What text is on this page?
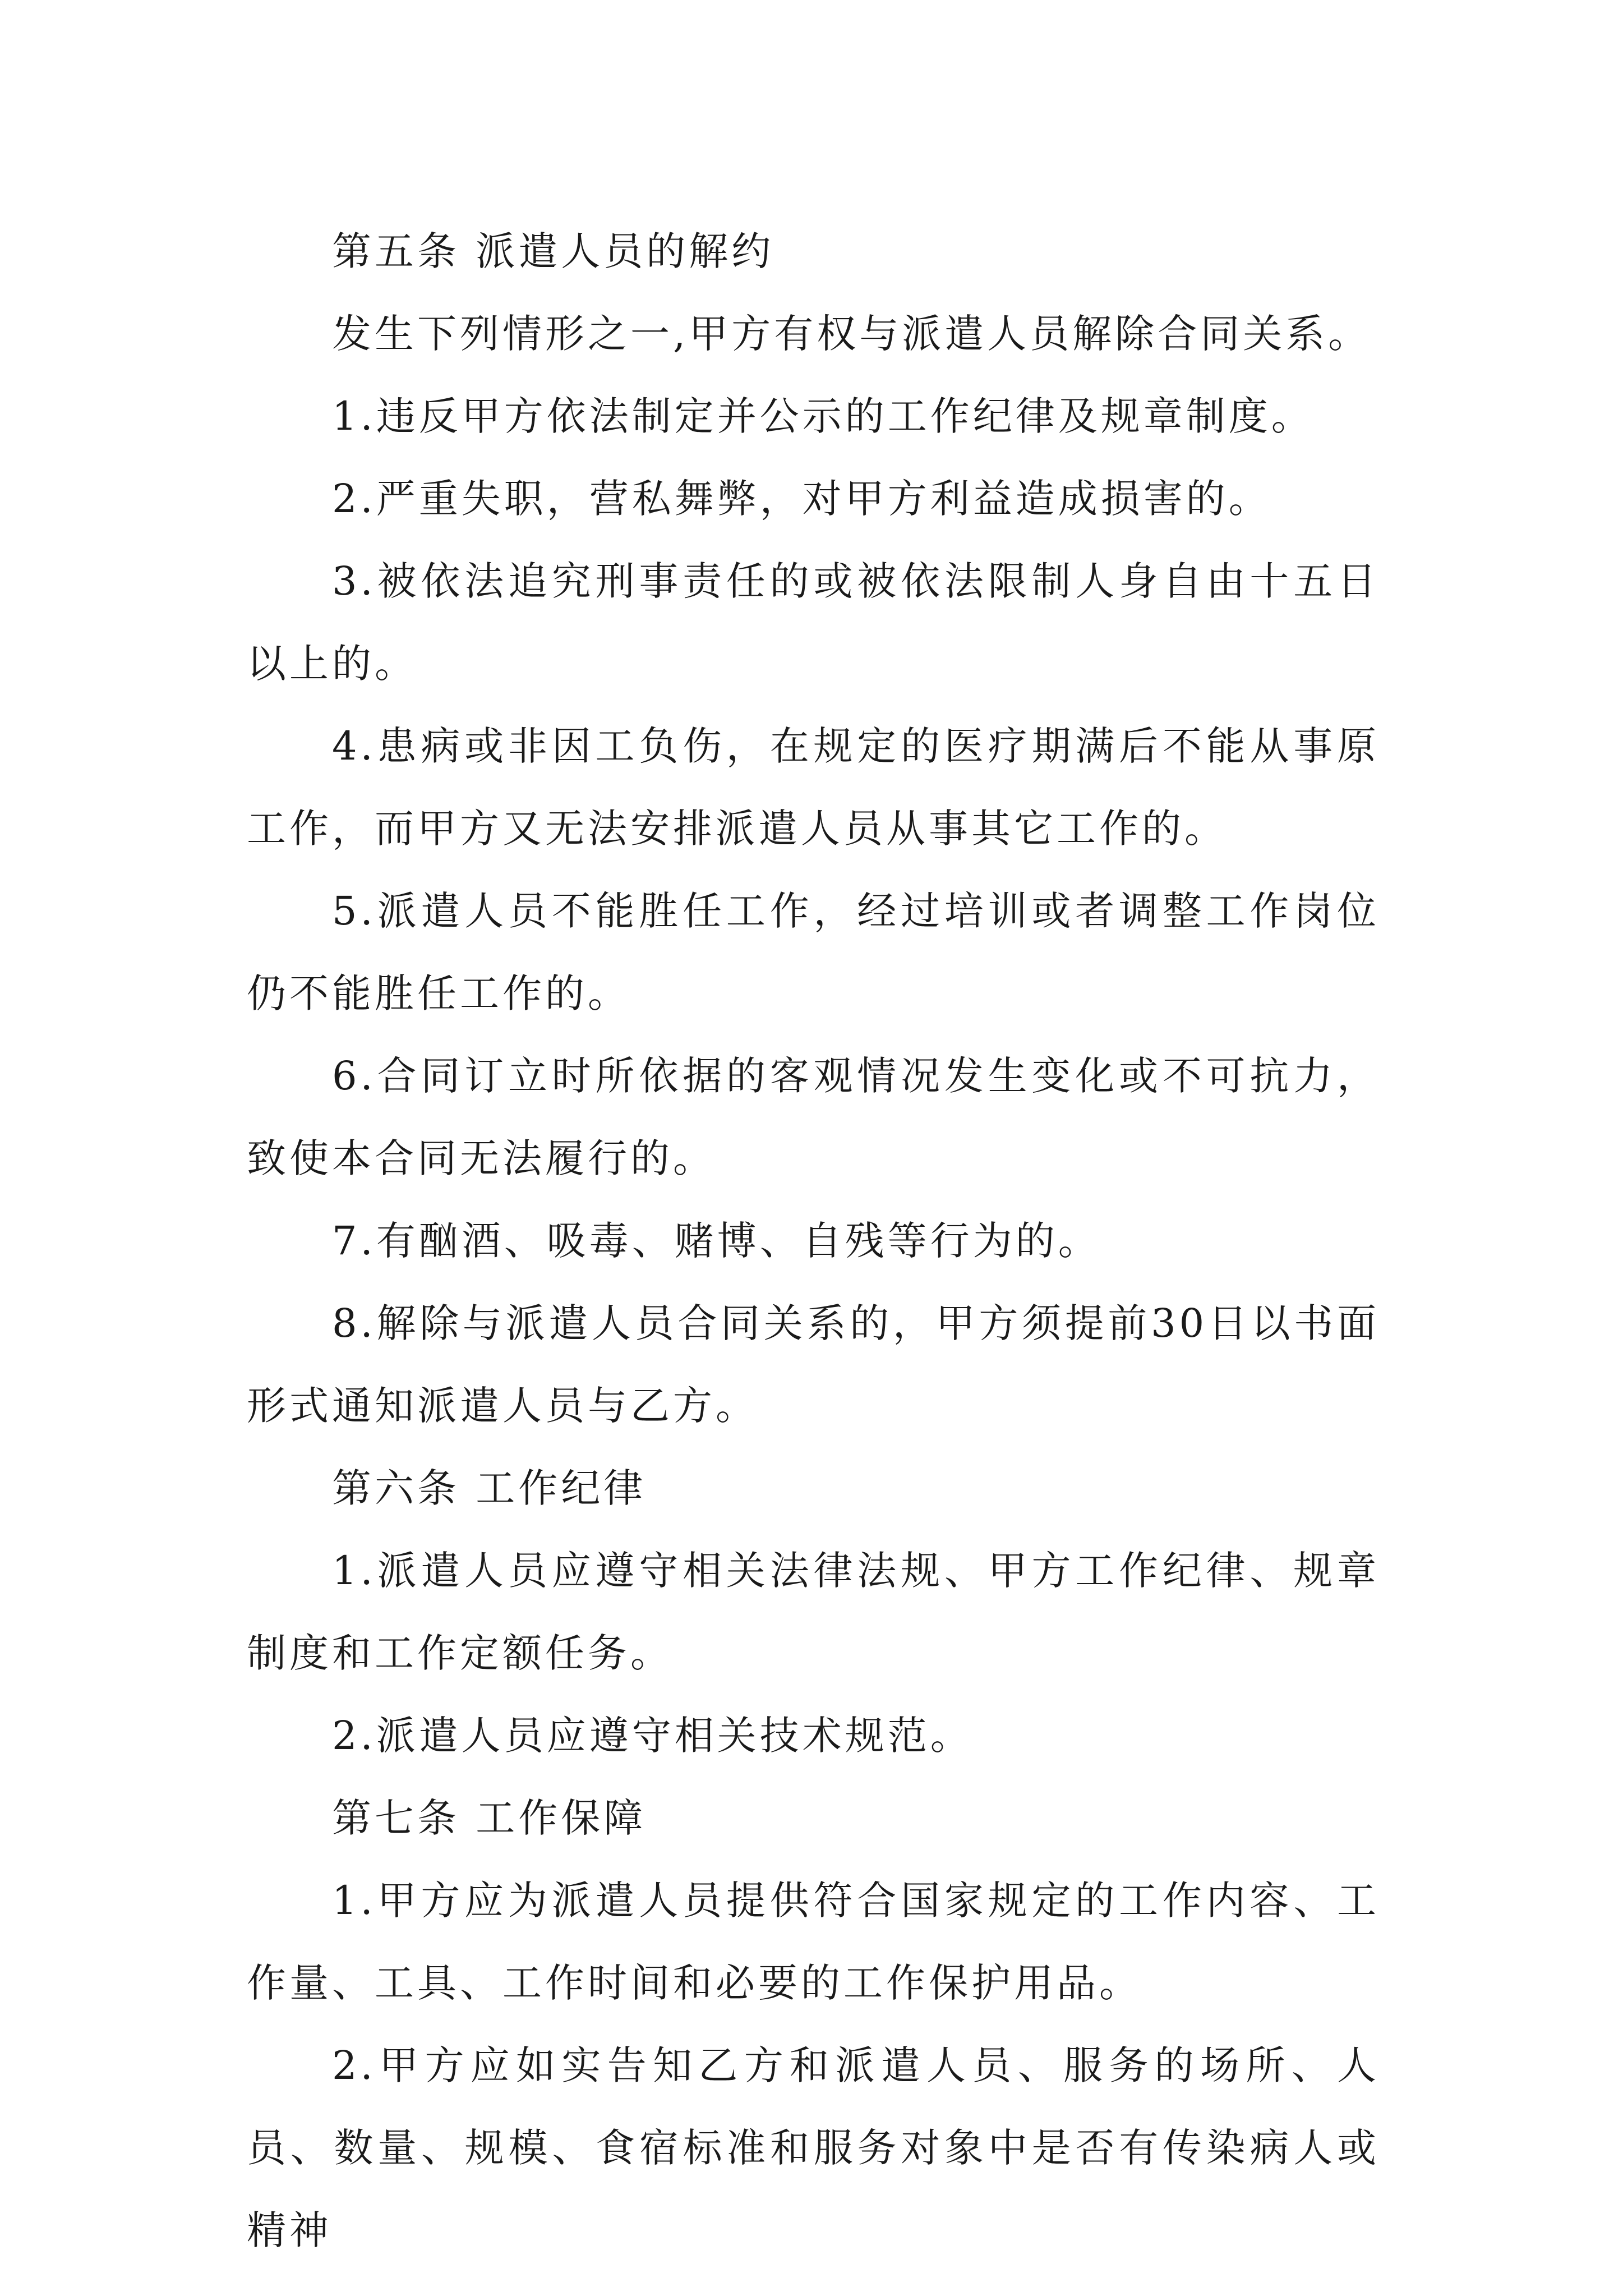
第五条 派遣人员的解约

发生下列情形之一,甲方有权与派遣人员解除合同关系。

1.违反甲方依法制定并公示的工作纪律及规章制度。

2.严重失职，营私舞弊，对甲方利益造成损害的。

3.被依法追究刑事责任的或被依法限制人身自由十五日以上的。

4.患病或非因工负伤，在规定的医疗期满后不能从事原工作，而甲方又无法安排派遣人员从事其它工作的。

5.派遣人员不能胜任工作，经过培训或者调整工作岗位仍不能胜任工作的。

6.合同订立时所依据的客观情况发生变化或不可抗力，致使本合同无法履行的。

7.有酗酒、吸毒、赌博、自残等行为的。

8.解除与派遣人员合同关系的，甲方须提前30日以书面形式通知派遣人员与乙方。

第六条 工作纪律

1.派遣人员应遵守相关法律法规、甲方工作纪律、规章制度和工作定额任务。

2.派遣人员应遵守相关技术规范。

第七条 工作保障

1.甲方应为派遣人员提供符合国家规定的工作内容、工作量、工具、工作时间和必要的工作保护用品。

2.甲方应如实告知乙方和派遣人员、服务的场所、人员、数量、规模、食宿标准和服务对象中是否有传染病人或精神
